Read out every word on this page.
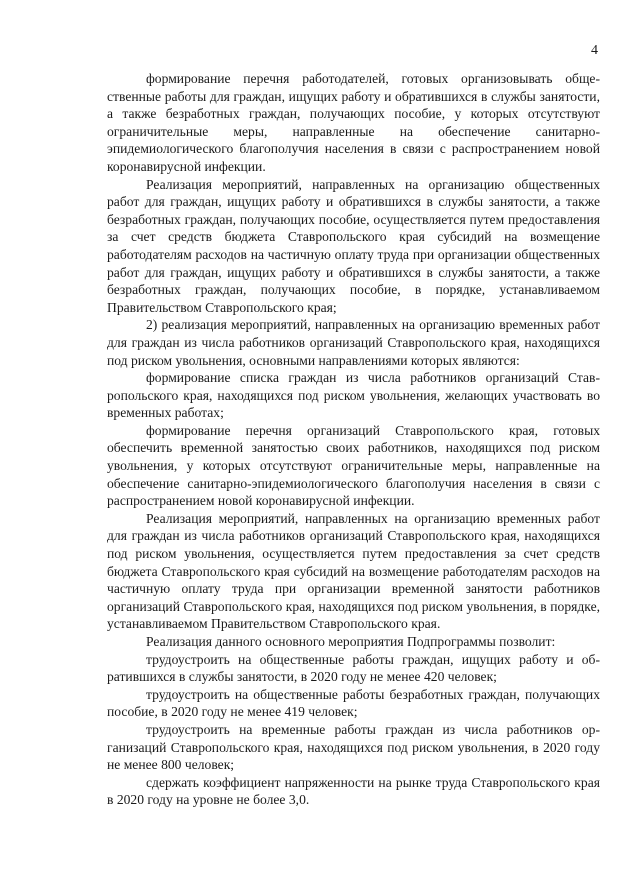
4

формирование перечня работодателей, готовых организовывать общественные работы для граждан, ищущих работу и обратившихся в службы занятости, а также безработных граждан, получающих пособие, у которых отсутствуют ограничительные меры, направленные на обеспечение санитарно-эпидемиологического благополучия населения в связи с распространением новой коронавирусной инфекции.

Реализация мероприятий, направленных на организацию общественных работ для граждан, ищущих работу и обратившихся в службы занятости, а также безработных граждан, получающих пособие, осуществляется путем предоставления за счет средств бюджета Ставропольского края субсидий на возмещение работодателям расходов на частичную оплату труда при организации общественных работ для граждан, ищущих работу и обратившихся в службы занятости, а также безработных граждан, получающих пособие, в порядке, устанавливаемом Правительством Ставропольского края;

2) реализация мероприятий, направленных на организацию временных работ для граждан из числа работников организаций Ставропольского края, находящихся под риском увольнения, основными направлениями которых являются:

формирование списка граждан из числа работников организаций Ставропольского края, находящихся под риском увольнения, желающих участвовать во временных работах;

формирование перечня организаций Ставропольского края, готовых обеспечить временной занятостью своих работников, находящихся под риском увольнения, у которых отсутствуют ограничительные меры, направленные на обеспечение санитарно-эпидемиологического благополучия населения в связи с распространением новой коронавирусной инфекции.

Реализация мероприятий, направленных на организацию временных работ для граждан из числа работников организаций Ставропольского края, находящихся под риском увольнения, осуществляется путем предоставления за счет средств бюджета Ставропольского края субсидий на возмещение работодателям расходов на частичную оплату труда при организации временной занятости работников организаций Ставропольского края, находящихся под риском увольнения, в порядке, устанавливаемом Правительством Ставропольского края.

Реализация данного основного мероприятия Подпрограммы позволит:

трудоустроить на общественные работы граждан, ищущих работу и обратившихся в службы занятости, в 2020 году не менее 420 человек;

трудоустроить на общественные работы безработных граждан, получающих пособие, в 2020 году не менее 419 человек;

трудоустроить на временные работы граждан из числа работников организаций Ставропольского края, находящихся под риском увольнения, в 2020 году не менее 800 человек;

сдержать коэффициент напряженности на рынке труда Ставропольского края в 2020 году на уровне не более 3,0.
